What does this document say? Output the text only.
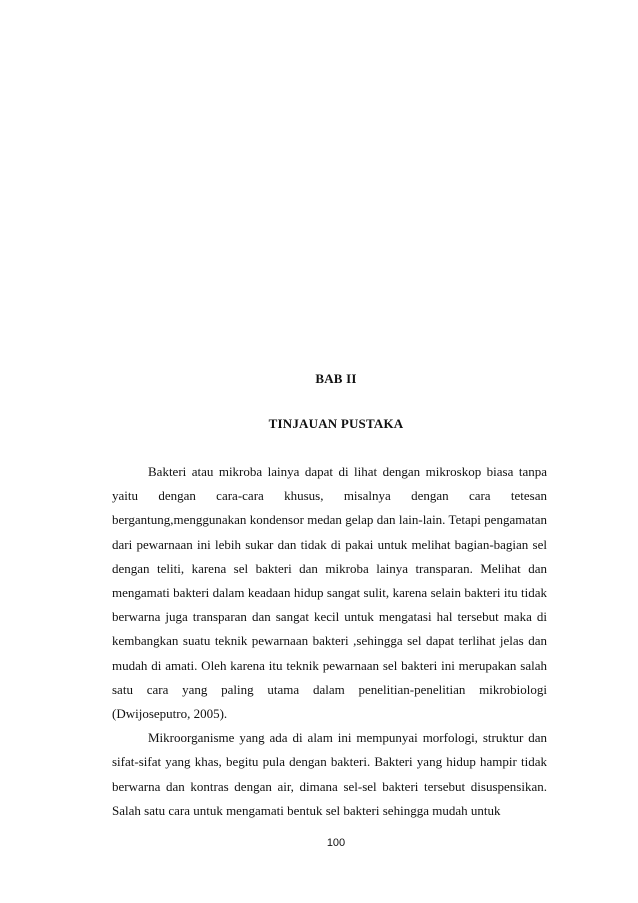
BAB II
TINJAUAN PUSTAKA

Bakteri atau mikroba lainya dapat di lihat dengan mikroskop biasa tanpa yaitu dengan cara-cara khusus, misalnya dengan cara tetesan bergantung,menggunakan kondensor medan gelap dan lain-lain. Tetapi pengamatan dari pewarnaan ini lebih sukar dan tidak di pakai untuk melihat bagian-bagian sel dengan teliti, karena sel bakteri dan mikroba lainya transparan. Melihat dan mengamati bakteri dalam keadaan hidup sangat sulit, karena selain bakteri itu tidak berwarna juga transparan dan sangat kecil untuk mengatasi hal tersebut maka di kembangkan suatu teknik pewarnaan bakteri ,sehingga sel dapat terlihat jelas dan mudah di amati. Oleh karena itu teknik pewarnaan sel bakteri ini merupakan salah satu cara yang paling utama dalam penelitian-penelitian mikrobiologi (Dwijoseputro, 2005).

Mikroorganisme yang ada di alam ini mempunyai morfologi, struktur dan sifat-sifat yang khas, begitu pula dengan bakteri. Bakteri yang hidup hampir tidak berwarna dan kontras dengan air, dimana sel-sel bakteri tersebut disuspensikan. Salah satu cara untuk mengamati bentuk sel bakteri sehingga mudah untuk

100
